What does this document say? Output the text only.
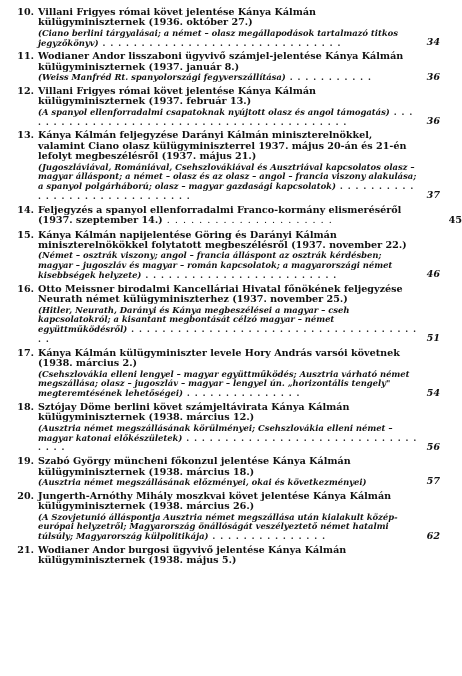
10. Villani Frigyes római követ jelentése Kánya Kálmán külügyminiszternek (1936. október 27.)
(Ciano berlini tárgyalásai; a német – olasz megállapodások tartalmazó titkos jegyzőkönyv) . . . . . . . . . . . . . . . . . . . . . . . . . . . . . . .	34
11. Wodianer Andor lisszaboni ügyvivő számjel-jelentése Kánya Kálmán külügyminiszternek (1937. január 8.)
(Weiss Manfréd Rt. spanyolországi fegyverszállítása) . . . . . . . . . . .	36
12. Villani Frigyes római követ jelentése Kánya Kálmán külügyminiszternek (1937. február 13.)
(A spanyol ellenforradalmi csapatoknak nyújtott olasz és angol támogatás) . . . . . . . . . . . . . . . . . . . . . . . . . . . . . . . . . . . . . . . . . . .	36
13. Kánya Kálmán feljegyzése Darányi Kálmán miniszterelnökkel, valamint Ciano olasz külügyminiszterrel 1937. május 20-án és 21-én lefolyt megbeszélésről (1937. május 21.)
(Jugoszláviával, Romániával, Csehszlovákiával és Ausztriával kapcsolatos olasz – magyar álláspont; a német – olasz és az olasz – angol – francia viszony alakulása; a spanyol polgárháború; olasz – magyar gazdasági kapcsolatok) . . . . . . . . . . . . . . . . . . . . . . . . . . . . . .	37
14. Feljegyzés a spanyol ellenforradalmi Franco-kormány elismeréséről (1937. szeptember 14.) . . . . . . . . . . . . . . . . . . . . .	45
15. Kánya Kálmán napijelentése Göring és Darányi Kálmán miniszterelnökökkel folytatott megbeszélésről (1937. november 22.)
(Német – osztrák viszony; angol – francia álláspont az osztrák kérdésben; magyar – jugoszláv és magyar – román kapcsolatok; a magyarországi német kisebbségek helyzete) . . . . . . . . . . . . . . . . . . . . . . . . .	46
16. Otto Meissner birodalmi Kancelláriai Hivatal főnökének feljegyzése Neurath német külügyminiszterhez (1937. november 25.)
(Hitler, Neurath, Darányi és Kánya megbeszélései a magyar – cseh kapcsolatokról; a kisantant megbontását célzó magyar – német együttműködésről) . . . . . . . . . . . . . . . . . . . . . . . . . . . . . . . . . . . . . . .	51
17. Kánya Kálmán külügyminiszter levele Hory András varsói követnek (1938. március 2.)
(Csehszlovákia elleni lengyel – magyar együttműködés; Ausztria várható német megszállása; olasz – jugoszláv – magyar – lengyel ún. „horizontális tengely" megteremtésének lehetőségei) . . . . . . . . . . . . . . .	54
18. Sztójay Döme berlini követ számjeltávirata Kánya Kálmán külügyminiszternek (1938. március 12.)
(Ausztria német megszállásának körülményei; Csehszlovákia elleni német – magyar katonai előkészületek) . . . . . . . . . . . . . . . . . . . . . . . . . . . . . . . . . .	56
19. Szabó György müncheni főkonzul jelentése Kánya Kálmán külügyminiszternek (1938. március 18.)
(Ausztria német megszállásának előzményei, okai és következményei)	57
20. Jungerth-Arnóthy Mihály moszkvai követ jelentése Kánya Kálmán külügyminiszternek (1938. március 26.)
(A Szovjetunió álláspontja Ausztria német megszállása után kialakult közép-európai helyzetről; Magyarország önállóságát veszélyeztető német hatalmi túlsúly; Magyarország külpolitikája) . . . . . . . . . . . . . . .	62
21. Wodianer Andor burgosi ügyvivő jelentése Kánya Kálmán külügyminiszternek (1938. május 5.)
